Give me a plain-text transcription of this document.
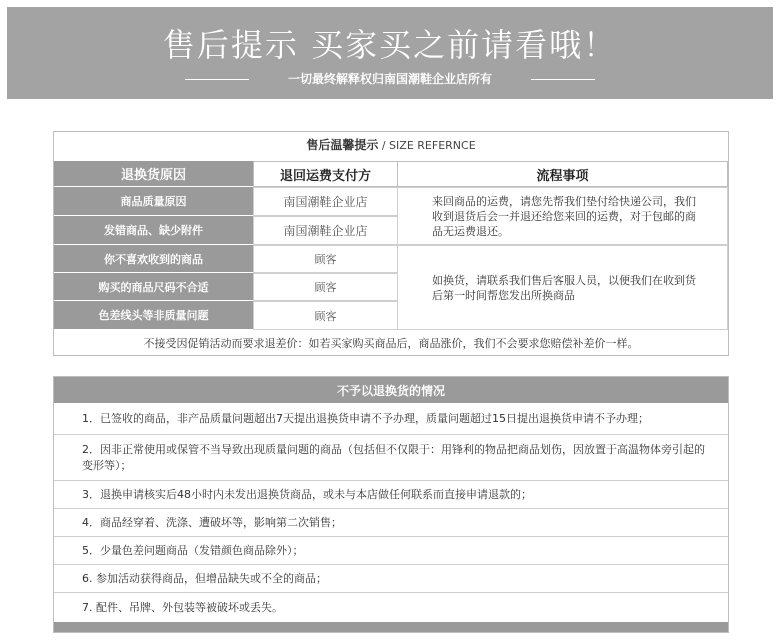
售后提示 买家买之前请看哦！
一切最终解释权归南国潮鞋企业店所有
售后温馨提示 / SIZE REFERNCE
退换货原因	退回运费支付方	流程事项
商品质量原因
发错商品、缺少附件
你不喜欢收到的商品
购买的商品尺码不合适
色差线头等非质量问题
南国潮鞋企业店
南国潮鞋企业店
顾客
顾客
顾客
来回商品的运费，请您先帮我们垫付给快递公司，我们收到退货后会一并退还给您来回的运费，对于包邮的商品无运费退还。
如换货，请联系我们售后客服人员，以便我们在收到货后第一时间帮您发出所换商品
不接受因促销活动而要求退差价：如若买家购买商品后，商品涨价，我们不会要求您赔偿补差价一样。
不予以退换货的情况
1．已签收的商品，非产品质量问题超出7天提出退换货申请不予办理，质量问题超过15日提出退换货申请不予办理；
2．因非正常使用或保管不当导致出现质量问题的商品（包括但不仅限于：用锋利的物品把商品划伤，因放置于高温物体旁引起的变形等）；
3．退换申请核实后48小时内未发出退换货商品，或未与本店做任何联系而直接申请退款的；
4．商品经穿着、洗涤、遭破坏等，影响第二次销售；
5．少量色差问题商品（发错颜色商品除外）；
6. 参加活动获得商品，但增品缺失或不全的商品；
7. 配件、吊牌、外包装等被破坏或丢失。
